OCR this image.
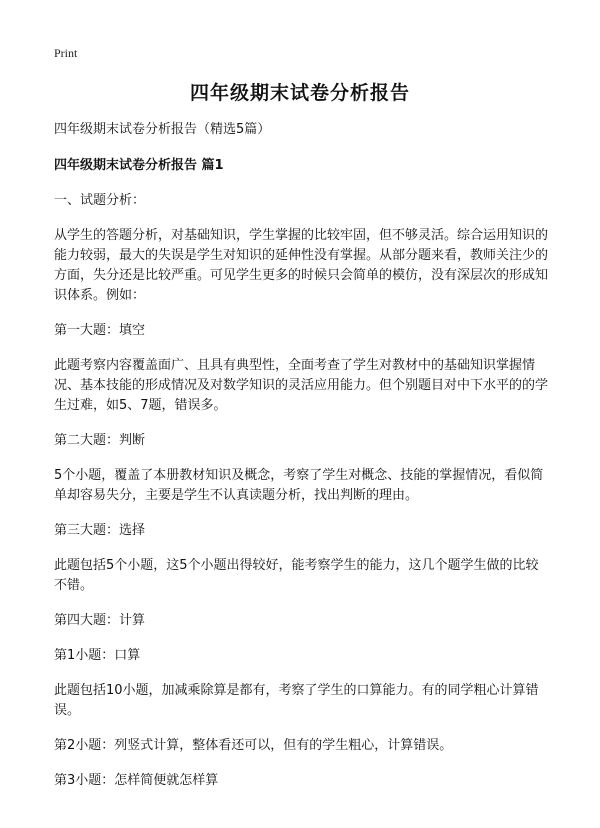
Print
四年级期末试卷分析报告

四年级期末试卷分析报告（精选5篇）

四年级期末试卷分析报告 篇1

一、试题分析：

从学生的答题分析，对基础知识，学生掌握的比较牢固，但不够灵活。综合运用知识的能力较弱，最大的失误是学生对知识的延伸性没有掌握。从部分题来看，教师关注少的方面，失分还是比较严重。可见学生更多的时候只会简单的模仿，没有深层次的形成知识体系。例如：

第一大题：填空

此题考察内容覆盖面广、且具有典型性，全面考查了学生对教材中的基础知识掌握情况、基本技能的形成情况及对数学知识的灵活应用能力。但个别题目对中下水平的的学生过难，如5、7题，错误多。

第二大题：判断

5个小题，覆盖了本册教材知识及概念，考察了学生对概念、技能的掌握情况，看似简单却容易失分，主要是学生不认真读题分析，找出判断的理由。

第三大题：选择

此题包括5个小题，这5个小题出得较好，能考察学生的能力，这几个题学生做的比较不错。

第四大题：计算

第1小题：口算

此题包括10小题，加减乘除算是都有，考察了学生的口算能力。有的同学粗心计算错误。

第2小题：列竖式计算，整体看还可以，但有的学生粗心，计算错误。

第3小题：怎样简便就怎样算
